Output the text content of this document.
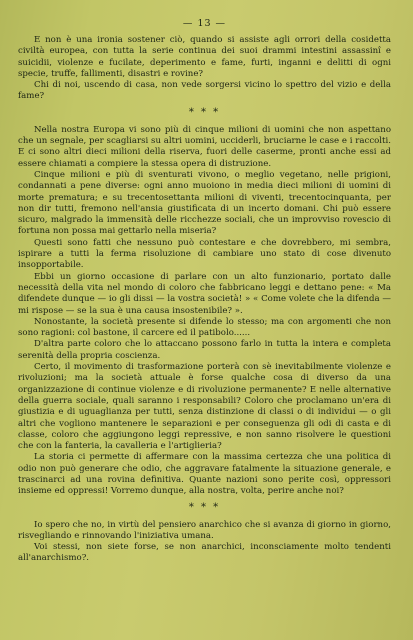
— 13 —

E non è una ironia sostener ciò, quando si assiste agli orrori della cosidetta civiltà europea, con tutta la serie continua dei suoi drammi intestini assassinî e suicidii, violenze e fucilate, deperimento e fame, furti, inganni e delitti di ogni specie, truffe, fallimenti, disastri e rovine?

Chi di noi, uscendo di casa, non vede sorgersi vicino lo spettro del vizio e della fame?

* * *

Nella nostra Europa vi sono più di cinque milioni di uomini che non aspettano che un segnale, per scagliarsi su altri uomini, ucciderli, bruciarne le case e i raccolti. E ci sono altri dieci milioni della riserva, fuori delle caserme, pronti anche essi ad essere chiamati a compiere la stessa opera di distruzione.

Cinque milioni e più di sventurati vivono, o meglio vegetano, nelle prigioni, condannati a pene diverse: ogni anno muoiono in media dieci milioni di uomini di morte prematura; e su trecentosettanta milioni di viventi, trecentocinquanta, per non dir tutti, fremono nell'ansia giustificata di un incerto domani. Chi può essere sicuro, malgrado la immensità delle ricchezze sociali, che un improvviso rovescio di fortuna non possa mai gettarlo nella miseria?

Questi sono fatti che nessuno può contestare e che dovrebbero, mi sembra, ispirare a tutti la ferma risoluzione di cambiare uno stato di cose divenuto insopportabile.

Ebbi un giorno occasione di parlare con un alto funzionario, portato dalle necessità della vita nel mondo di coloro che fabbricano leggi e dettano pene: « Ma difendete dunque — io gli dissi — la vostra società! » « Come volete che la difenda — mi rispose — se la sua è una causa insostenibile? ».

Nonostante, la società presente si difende lo stesso; ma con argomenti che non sono ragioni: col bastone, il carcere ed il patibolo......

D'altra parte coloro che lo attaccano possono farlo in tutta la intera e completa serenità della propria coscienza.

Certo, il movimento di trasformazione porterà con sè inevitabilmente violenze e rivoluzioni; ma la società attuale è forse qualche cosa di diverso da una organizzazione di continue violenze e di rivoluzione permanente? E nelle alternative della guerra sociale, quali saranno i responsabili? Coloro che proclamano un'era di giustizia e di uguaglianza per tutti, senza distinzione di classi o di individui — o gli altri che vogliono mantenere le separazioni e per conseguenza gli odi di casta e di classe, coloro che aggiungono leggi repressive, e non sanno risolvere le questioni che con la fanteria, la cavalleria e l'artiglieria?

La storia ci permette di affermare con la massima certezza che una politica di odio non può generare che odio, che aggravare fatalmente la situazione generale, e trascinarci ad una rovina definitiva. Quante nazioni sono perite così, oppressori insieme ed oppressi! Vorremo dunque, alla nostra, volta, perire anche noi?

* * *

Io spero che no, in virtù del pensiero anarchico che si avanza di giorno in giorno, risvegliando e rinnovando l'iniziativa umana.

Voi stessi, non siete forse, se non anarchici, inconsciamente molto tendenti all'anarchismo?.
